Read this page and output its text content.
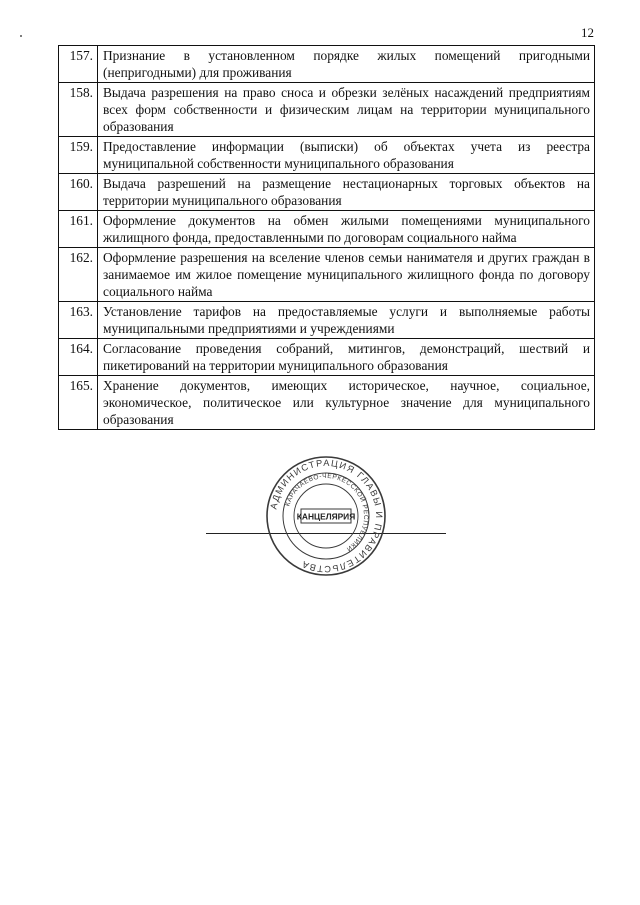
12
157.	Признание в установленном порядке жилых помещений пригодными (непригодными) для проживания
158.	Выдача разрешения на право сноса и обрезки зелёных насаждений предприятиям всех форм собственности и физическим лицам на территории муниципального образования
159.	Предоставление информации (выписки) об объектах учета из реестра муниципальной собственности муниципального образования
160.	Выдача разрешений на размещение нестационарных торговых объектов на территории муниципального образования
161.	Оформление документов на обмен жилыми помещениями муниципального жилищного фонда, предоставленными по договорам социального найма
162.	Оформление разрешения на вселение членов семьи нанимателя и других граждан в занимаемое им жилое помещение муниципального жилищного фонда по договору социального найма
163.	Установление тарифов на предоставляемые услуги и выполняемые работы муниципальными предприятиями и учреждениями
164.	Согласование проведения собраний, митингов, демонстраций, шествий и пикетирований на территории муниципального образования
165.	Хранение документов, имеющих историческое, научное, социальное, экономическое, политическое или культурное значение для муниципального образования
АДМИНИСТРАЦИЯ ГЛАВЫ И ПРАВИТЕЛЬСТВА
КАРАЧАЕВО-ЧЕРКЕССКОЙ РЕСПУБЛИКИ
КАНЦЕЛЯРИЯ
